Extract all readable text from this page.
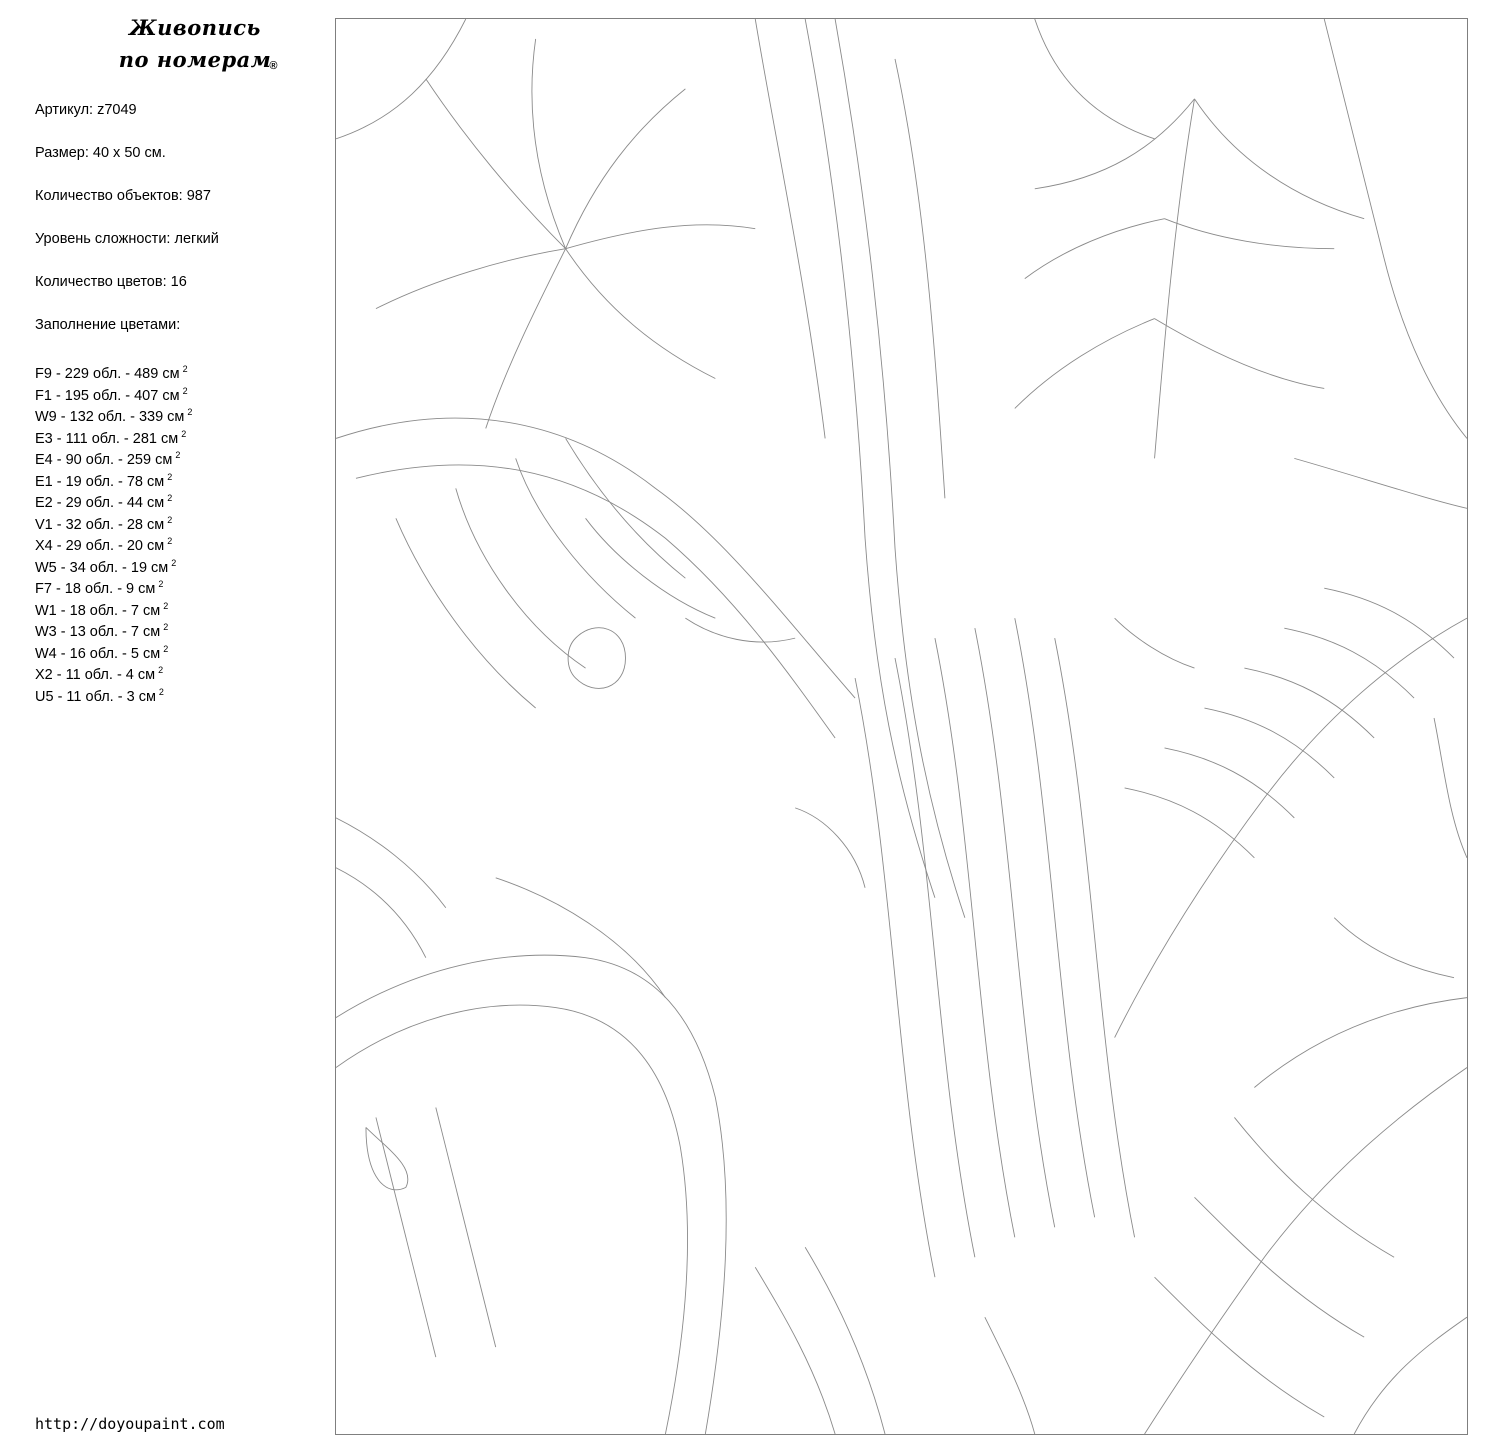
Живопись
по номерам
®
Артикул: z7049
Размер: 40 х 50 см.
Количество объектов: 987
Уровень сложности: легкий
Количество цветов: 16
Заполнение цветами:
F9 - 229 обл. - 489 см $^2$
F1 - 195 обл. - 407 см $^2$
W9 - 132 обл. - 339 см $^2$
E3 - 111 обл. - 281 см $^2$
E4 - 90 обл. - 259 см $^2$
E1 - 19 обл. - 78 см $^2$
E2 - 29 обл. - 44 см $^2$
V1 - 32 обл. - 28 см $^2$
X4 - 29 обл. - 20 см $^2$
W5 - 34 обл. - 19 см $^2$
F7 - 18 обл. - 9 см $^2$
W1 - 18 обл. - 7 см $^2$
W3 - 13 обл. - 7 см $^2$
W4 - 16 обл. - 5 см $^2$
X2 - 11 обл. - 4 см $^2$
U5 - 11 обл. - 3 см $^2$
http://doyoupaint.com
